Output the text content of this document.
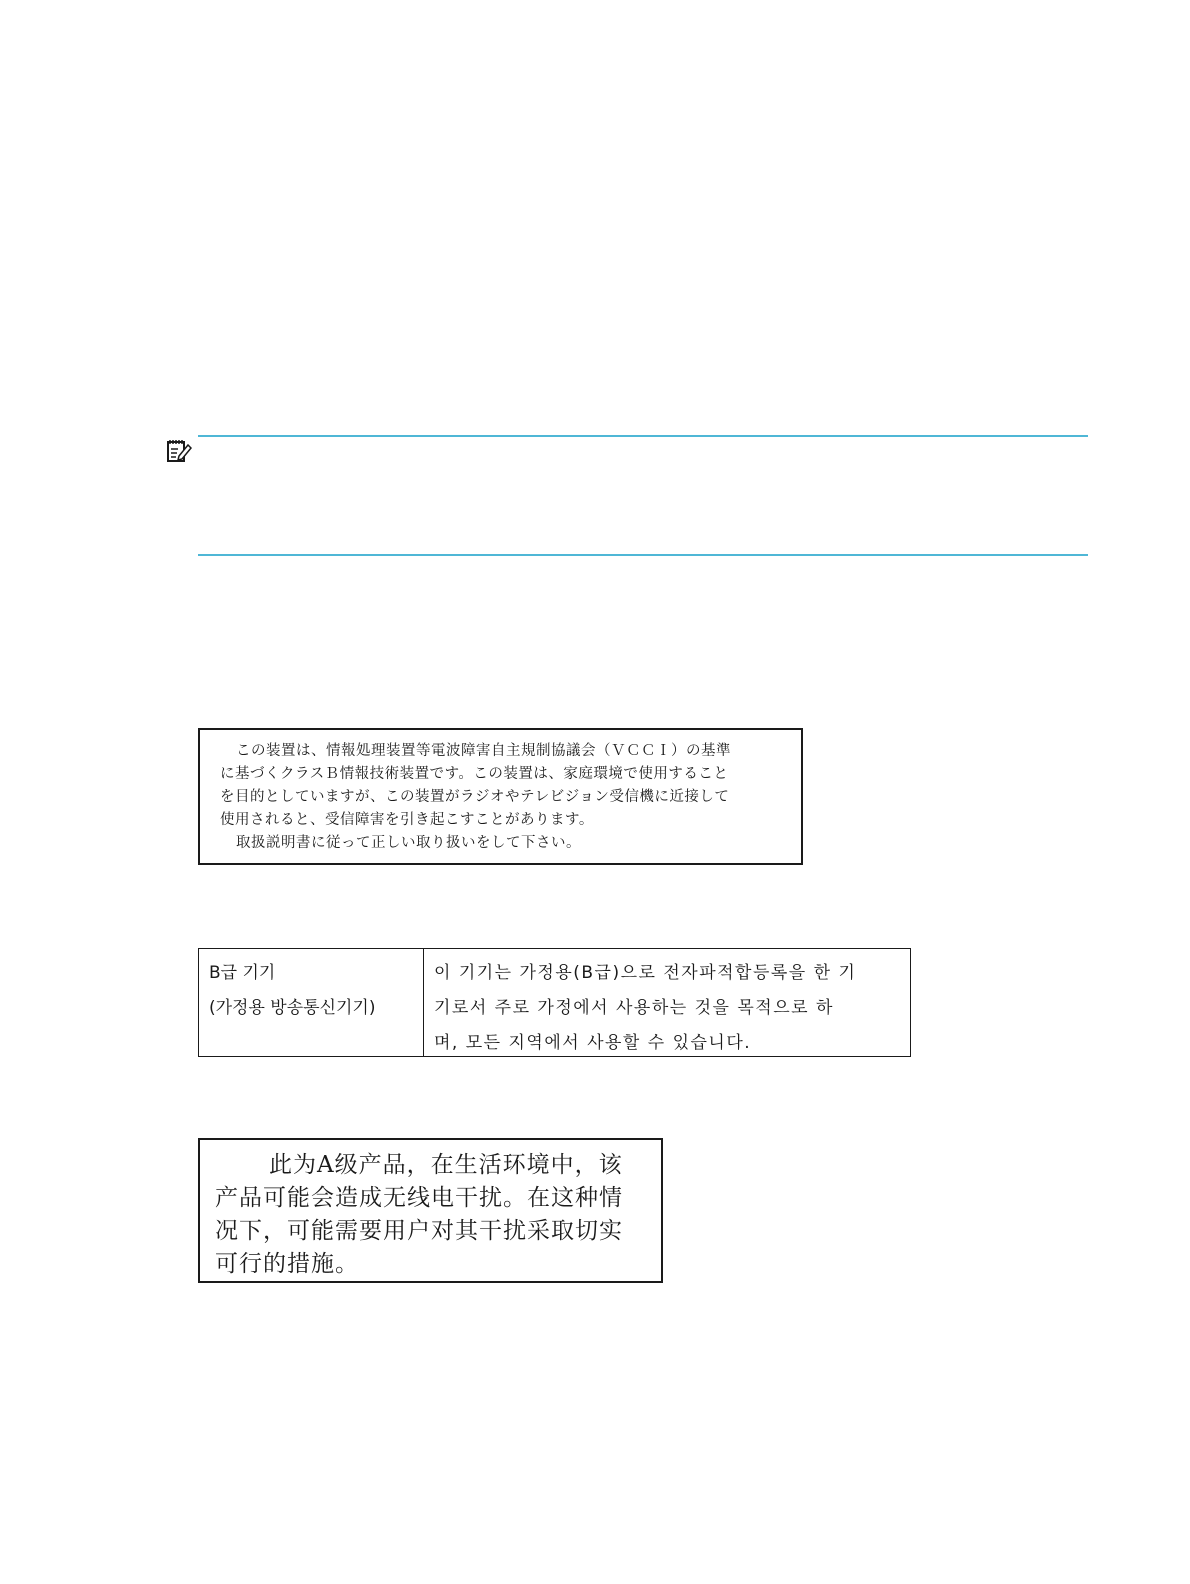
この装置は、情報処理装置等電波障害自主規制協議会（ＶＣＣＩ）の基準
に基づくクラスＢ情報技術装置です。この装置は、家庭環境で使用すること
を目的としていますが、この装置がラジオやテレビジョン受信機に近接して
使用されると、受信障害を引き起こすことがあります。
取扱説明書に従って正しい取り扱いをして下さい。
B급 기기
(가정용 방송통신기기)
이 기기는 가정용(B급)으로 전자파적합등록을 한 기
기로서 주로 가정에서 사용하는 것을 목적으로 하
며, 모든 지역에서 사용할 수 있습니다.
此为A级产品，在生活环境中，该
产品可能会造成无线电干扰。在这种情
况下，可能需要用户对其干扰采取切实
可行的措施。
